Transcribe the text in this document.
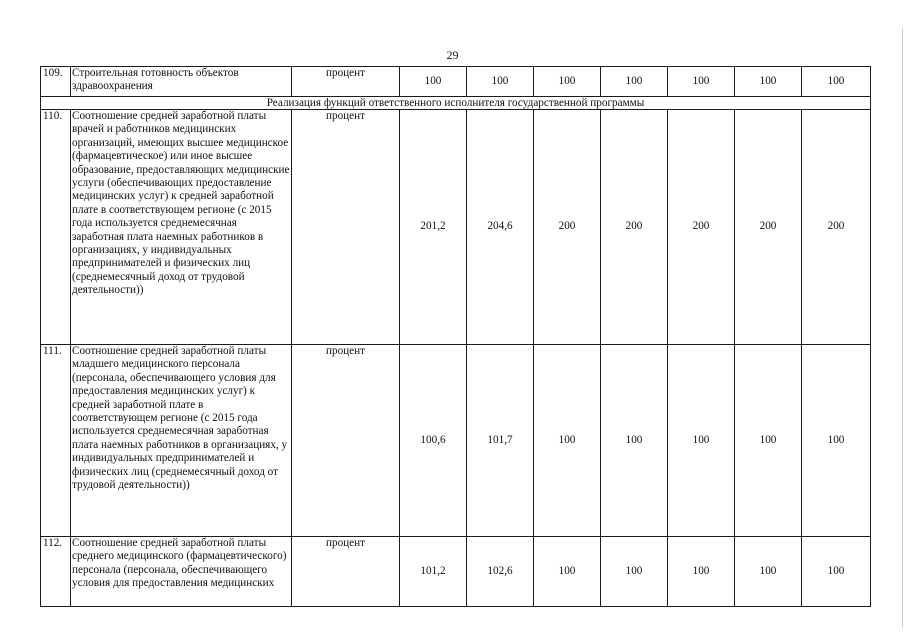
29
109.	Строительная готовность объектов здравоохранения	процент	100	100	100	100	100	100	100
Реализация функций ответственного исполнителя государственной программы									
110.	Соотношение средней заработной платы врачей и работников медицинских организаций, имеющих высшее медицинское (фармацевтическое) или иное высшее образование, предоставляющих медицинские услуги (обеспечивающих предоставление медицинских услуг) к средней заработной плате в соответствующем регионе (с 2015 года используется среднемесячная заработная плата наемных работников в организациях, у индивидуальных предпринимателей и физических лиц (среднемесячный доход от трудовой деятельности))	процент	201,2	204,6	200	200	200	200	200
111.	Соотношение средней заработной платы младшего медицинского персонала (персонала, обеспечивающего условия для предоставления медицинских услуг) к средней заработной плате в соответствующем регионе (с 2015 года используется среднемесячная заработная плата наемных работников в организациях, у индивидуальных предпринимателей и физических лиц (среднемесячный доход от трудовой деятельности))	процент	100,6	101,7	100	100	100	100	100
112.	Соотношение средней заработной платы среднего медицинского (фармацевтического) персонала (персонала, обеспечивающего условия для предоставления медицинских	процент	101,2	102,6	100	100	100	100	100
